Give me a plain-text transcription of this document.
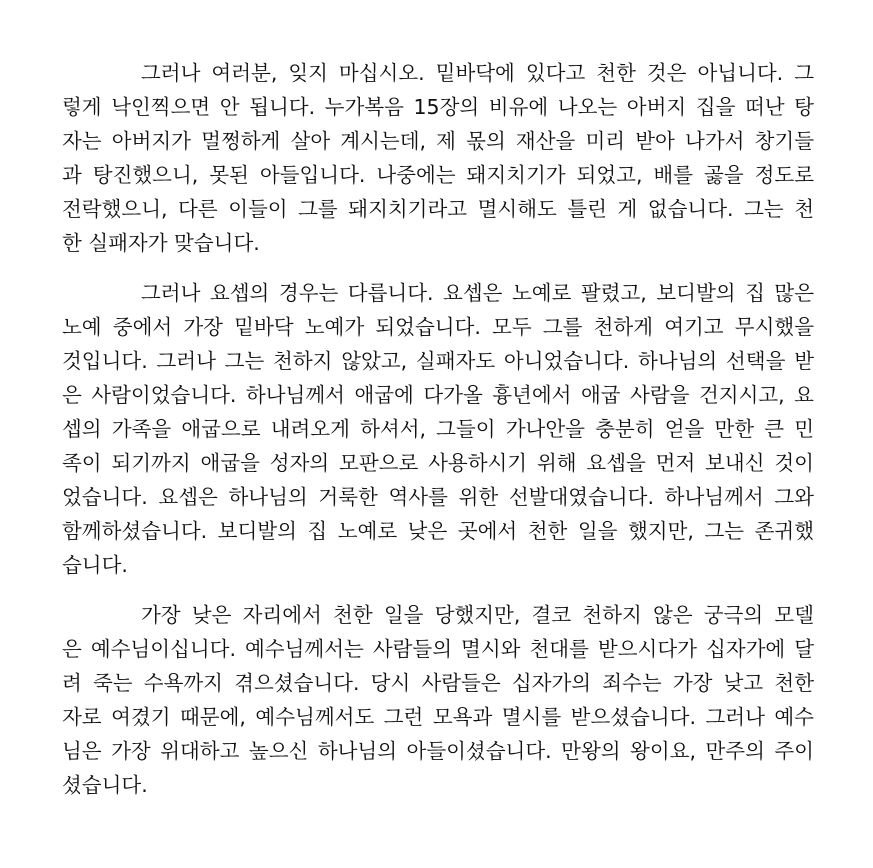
그러나 여러분, 잊지 마십시오. 밑바닥에 있다고 천한 것은 아닙니다. 그
렇게 낙인찍으면 안 됩니다. 누가복음 15장의 비유에 나오는 아버지 집을 떠난 탕
자는 아버지가 멀쩡하게 살아 계시는데, 제 몫의 재산을 미리 받아 나가서 창기들
과 탕진했으니, 못된 아들입니다. 나중에는 돼지치기가 되었고, 배를 곯을 정도로
전락했으니, 다른 이들이 그를 돼지치기라고 멸시해도 틀린 게 없습니다. 그는 천
한 실패자가 맞습니다.
그러나 요셉의 경우는 다릅니다. 요셉은 노예로 팔렸고, 보디발의 집 많은
노예 중에서 가장 밑바닥 노예가 되었습니다. 모두 그를 천하게 여기고 무시했을
것입니다. 그러나 그는 천하지 않았고, 실패자도 아니었습니다. 하나님의 선택을 받
은 사람이었습니다. 하나님께서 애굽에 다가올 흉년에서 애굽 사람을 건지시고, 요
셉의 가족을 애굽으로 내려오게 하셔서, 그들이 가나안을 충분히 얻을 만한 큰 민
족이 되기까지 애굽을 성자의 모판으로 사용하시기 위해 요셉을 먼저 보내신 것이
었습니다. 요셉은 하나님의 거룩한 역사를 위한 선발대였습니다. 하나님께서 그와
함께하셨습니다. 보디발의 집 노예로 낮은 곳에서 천한 일을 했지만, 그는 존귀했
습니다.
가장 낮은 자리에서 천한 일을 당했지만, 결코 천하지 않은 궁극의 모델
은 예수님이십니다. 예수님께서는 사람들의 멸시와 천대를 받으시다가 십자가에 달
려 죽는 수욕까지 겪으셨습니다. 당시 사람들은 십자가의 죄수는 가장 낮고 천한
자로 여겼기 때문에, 예수님께서도 그런 모욕과 멸시를 받으셨습니다. 그러나 예수
님은 가장 위대하고 높으신 하나님의 아들이셨습니다. 만왕의 왕이요, 만주의 주이
셨습니다.
